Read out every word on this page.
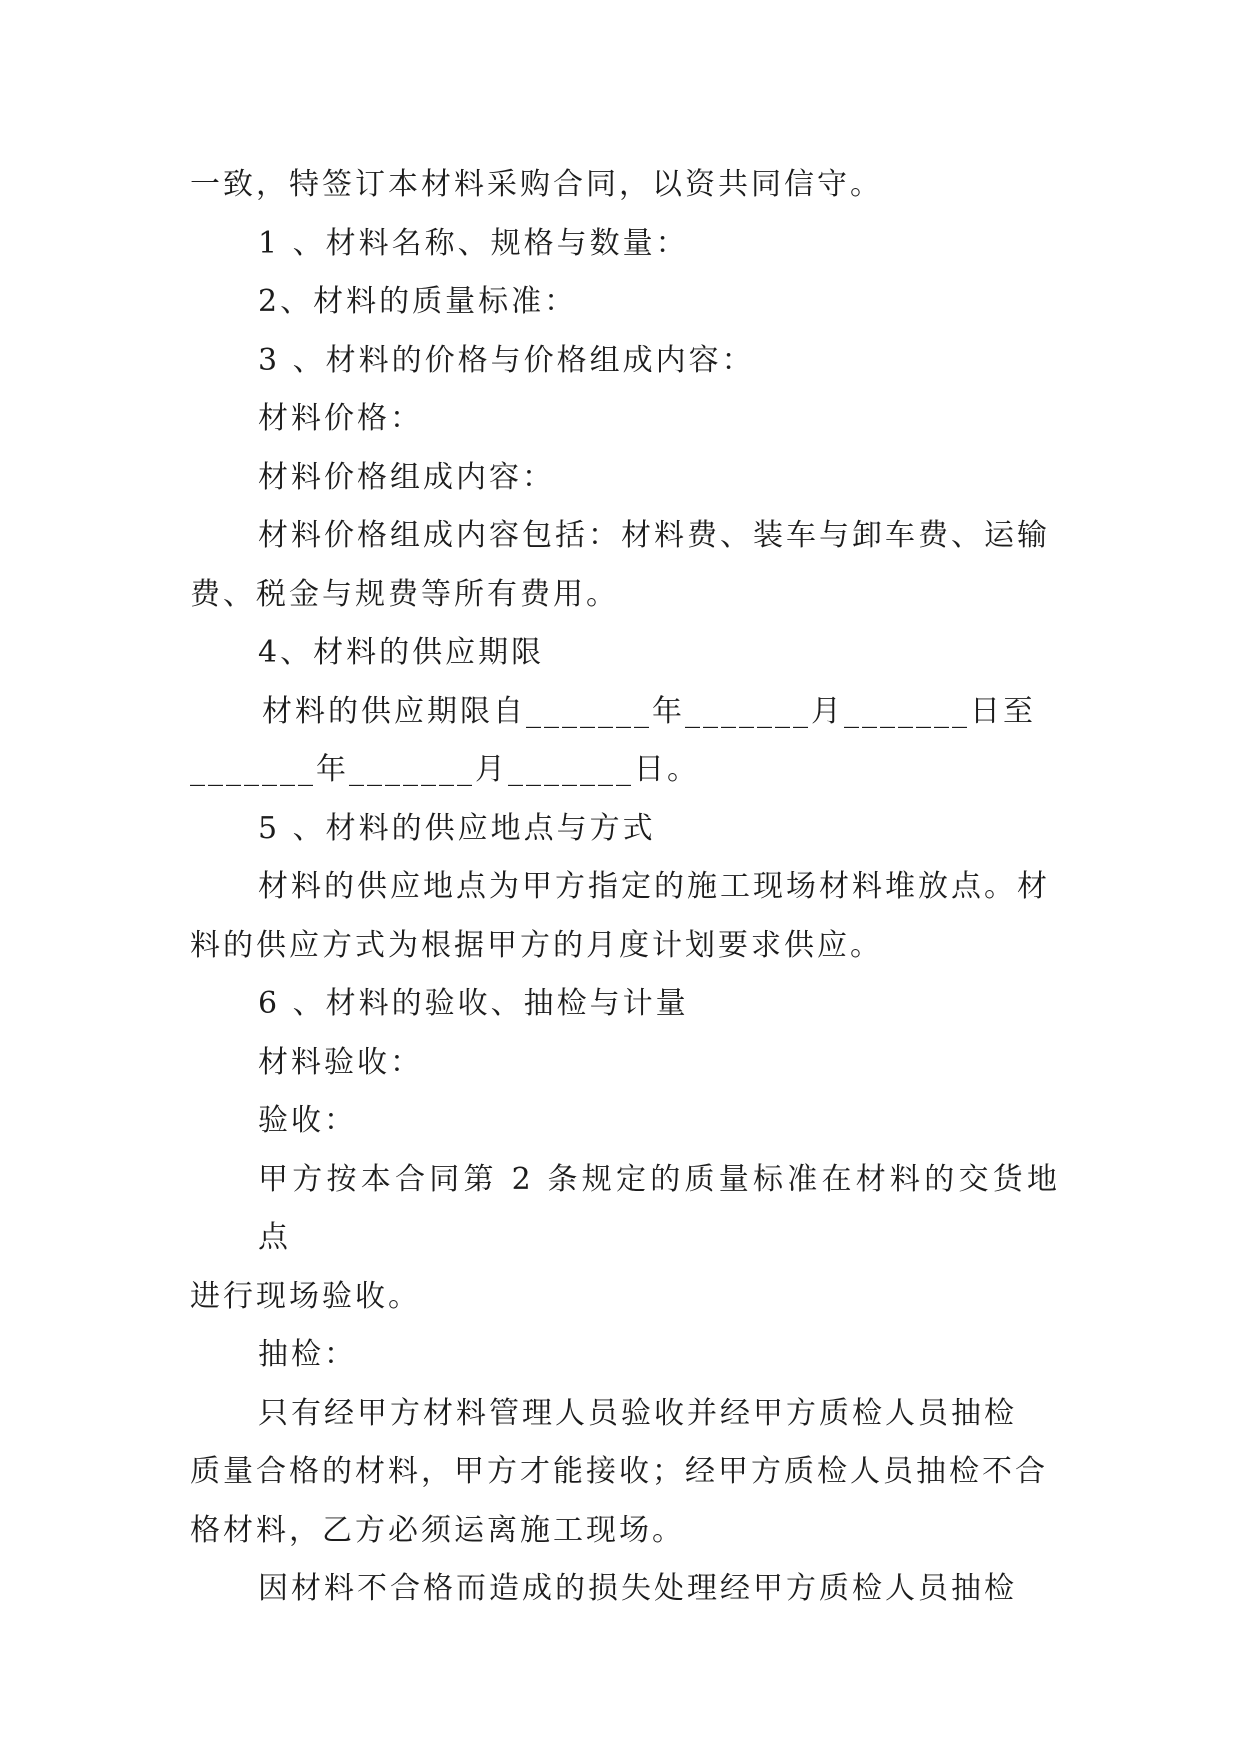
一致，特签订本材料采购合同，以资共同信守。

1 、材料名称、规格与数量：

2、材料的质量标准：

3 、材料的价格与价格组成内容：

材料价格：

材料价格组成内容：

材料价格组成内容包括：材料费、装车与卸车费、运输

费、税金与规费等所有费用。

4、材料的供应期限

材料的供应期限自_______年_______月_______日至

_______年_______月_______日。

5 、材料的供应地点与方式

材料的供应地点为甲方指定的施工现场材料堆放点。材

料的供应方式为根据甲方的月度计划要求供应。

6 、材料的验收、抽检与计量

材料验收：

验收：

甲方按本合同第 2 条规定的质量标准在材料的交货地点

进行现场验收。

抽检：

只有经甲方材料管理人员验收并经甲方质检人员抽检

质量合格的材料，甲方才能接收；经甲方质检人员抽检不合

格材料，乙方必须运离施工现场。

因材料不合格而造成的损失处理经甲方质检人员抽检
